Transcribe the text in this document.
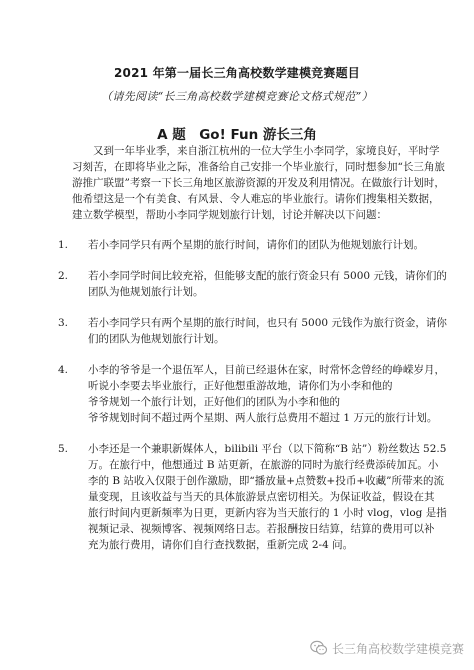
2021 年第一届长三角高校数学建模竞赛题目
（请先阅读“长三角高校数学建模竞赛论文格式规范”）
A 题　Go! Fun 游长三角
又到一年毕业季，来自浙江杭州的一位大学生小李同学，家境良好，平时学
习刻苦，在即将毕业之际，准备给自己安排一个毕业旅行，同时想参加“长三角旅
游推广联盟”考察一下长三角地区旅游资源的开发及利用情况。在做旅行计划时，
他希望这是一个有美食、有风景、令人难忘的毕业旅行。请你们搜集相关数据，
建立数学模型，帮助小李同学规划旅行计划，讨论并解决以下问题：
1.	若小李同学只有两个星期的旅行时间，请你们的团队为他规划旅行计划。
2.	若小李同学时间比较充裕，但能够支配的旅行资金只有 5000 元钱，请你们的
团队为他规划旅行计划。
3.	若小李同学只有两个星期的旅行时间，也只有 5000 元钱作为旅行资金，请你
们的团队为他规划旅行计划。
4.	小李的爷爷是一个退伍军人，目前已经退休在家，时常怀念曾经的峥嵘岁月，
听说小李要去毕业旅行，正好他想重游故地，请你们为小李和他的
爷爷规划一个旅行计划，正好他们的团队为小李和他的
爷爷规划时间不超过两个星期、两人旅行总费用不超过 1 万元的旅行计划。
5.	小李还是一个兼职新媒体人，bilibili 平台（以下简称“B 站”）粉丝数达 52.5
万。在旅行中，他想通过 B 站更新，在旅游的同时为旅行经费添砖加瓦。小
李的 B 站收入仅限于创作激励，即“播放量+点赞数+投币+收藏”所带来的流
量变现，且该收益与当天的具体旅游景点密切相关。为保证收益，假设在其
旅行时间内更新频率为日更，更新内容为当天旅行的 1 小时 vlog，vlog 是指
视频记录、视频博客、视频网络日志。若报酬按日结算，结算的费用可以补
充为旅行费用，请你们自行查找数据，重新完成 2-4 问。
长三角高校数学建模竞赛
